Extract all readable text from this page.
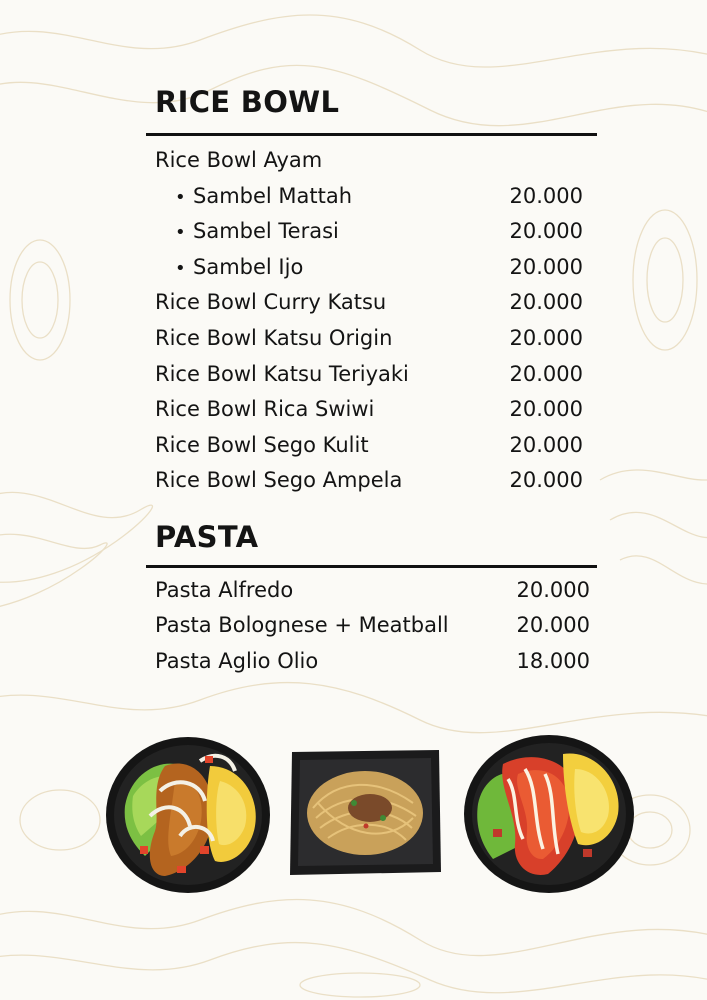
RICE BOWL
Rice Bowl Ayam
• Sambel Mattah	20.000
• Sambel Terasi	20.000
• Sambel Ijo	20.000
Rice Bowl Curry Katsu	20.000
Rice Bowl Katsu Origin	20.000
Rice Bowl Katsu Teriyaki	20.000
Rice Bowl Rica Swiwi	20.000
Rice Bowl Sego Kulit	20.000
Rice Bowl Sego Ampela	20.000
PASTA
Pasta Alfredo	20.000
Pasta Bolognese + Meatball	20.000
Pasta Aglio Olio	18.000
